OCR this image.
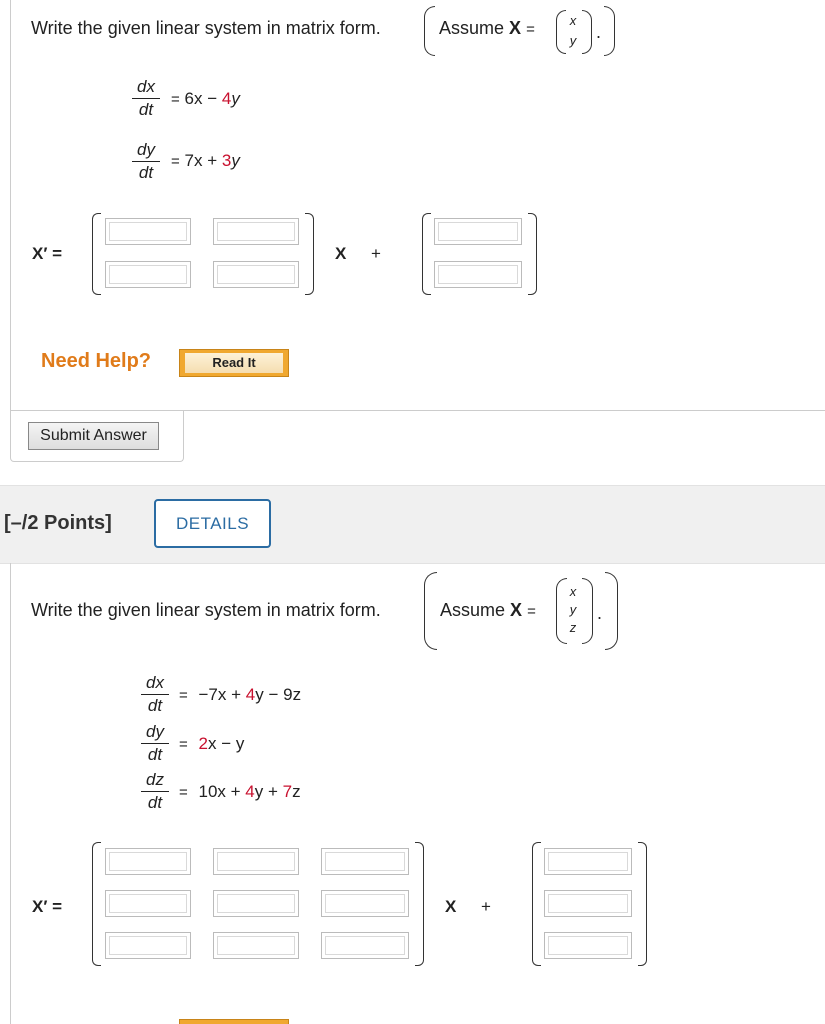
Write the given linear system in matrix form.	Assume X =
x
y .
dx
dt
= 6x − 4y
dy
dt
= 7x + 3y
X′ =	X +
Need Help?	Read It
Submit Answer
[–/2 Points]	DETAILS
Write the given linear system in matrix form.	Assume X =
x
y
z
.
dx
dt
= −7x + 4y − 9z
dy
dt
= 2x − y
dz
dt
= 10x + 4y + 7z
X′ =	X +
